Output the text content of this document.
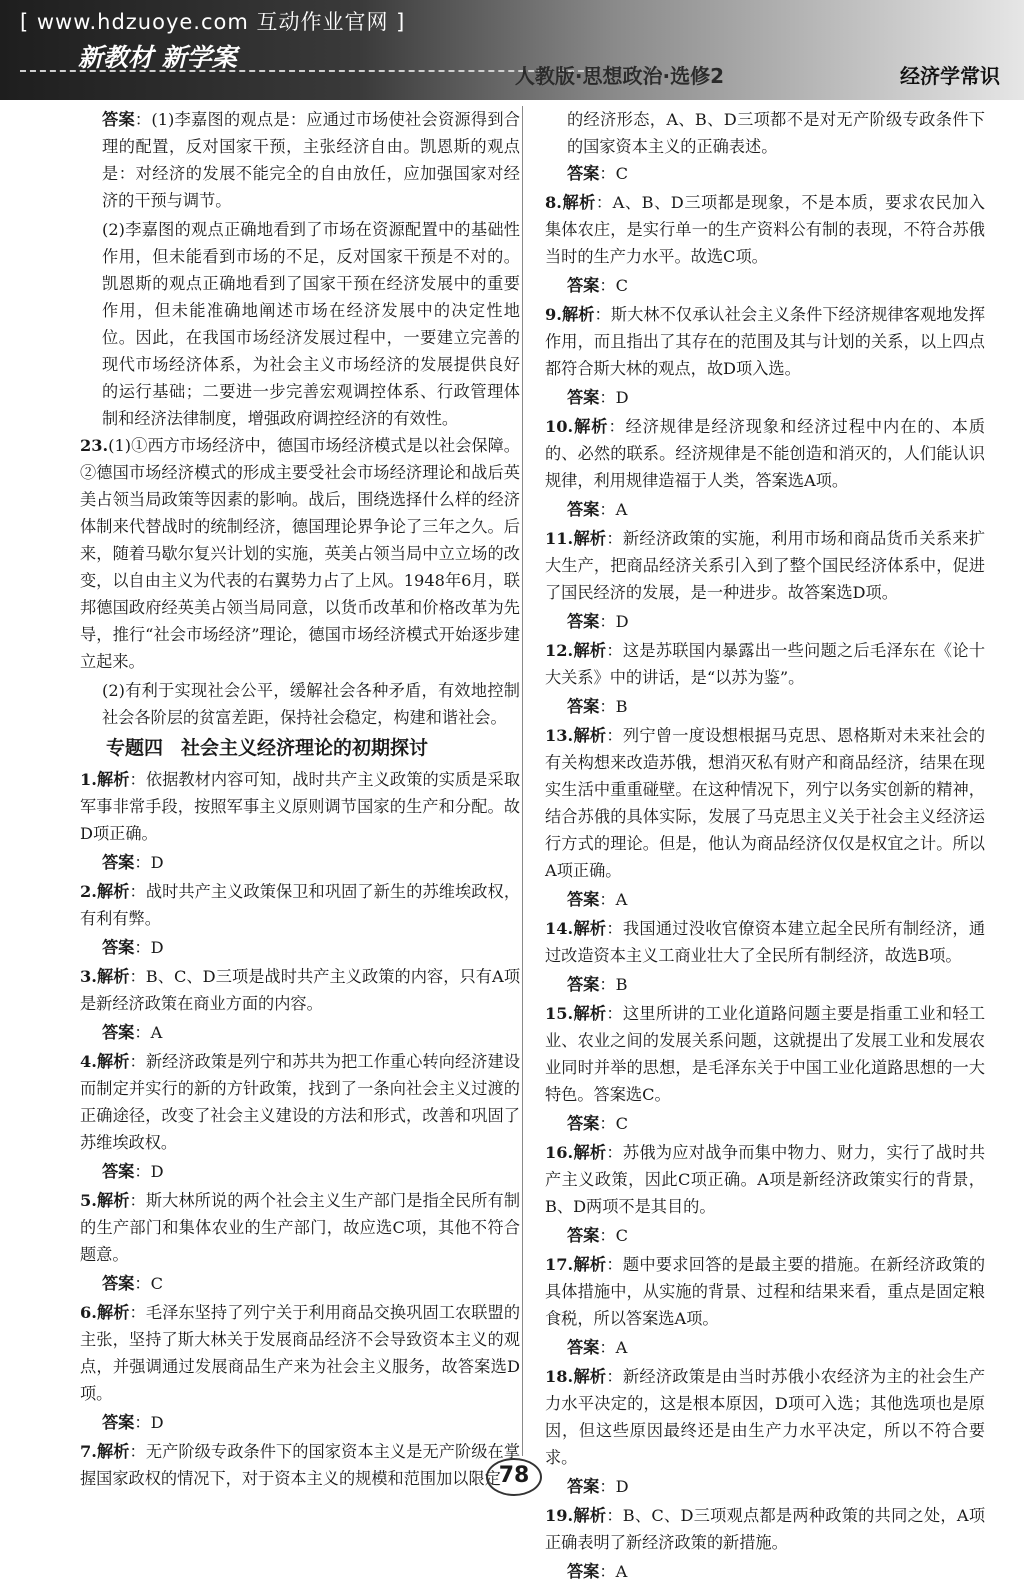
[ www.hdzuoye.com 互动作业官网 ]
新教材 新学案
人教版·思想政治·选修2	经济学常识
答案：(1)李嘉图的观点是：应通过市场使社会资源得到合理的配置，反对国家干预，主张经济自由。凯恩斯的观点是：对经济的发展不能完全的自由放任，应加强国家对经济的干预与调节。
(2)李嘉图的观点正确地看到了市场在资源配置中的基础性作用，但未能看到市场的不足，反对国家干预是不对的。凯恩斯的观点正确地看到了国家干预在经济发展中的重要作用，但未能准确地阐述市场在经济发展中的决定性地位。因此，在我国市场经济发展过程中，一要建立完善的现代市场经济体系，为社会主义市场经济的发展提供良好的运行基础；二要进一步完善宏观调控体系、行政管理体制和经济法律制度，增强政府调控经济的有效性。
23.(1)①西方市场经济中，德国市场经济模式是以社会保障。②德国市场经济模式的形成主要受社会市场经济理论和战后英美占领当局政策等因素的影响。战后，围绕选择什么样的经济体制来代替战时的统制经济，德国理论界争论了三年之久。后来，随着马歇尔复兴计划的实施，英美占领当局中立立场的改变，以自由主义为代表的右翼势力占了上风。1948年6月，联邦德国政府经英美占领当局同意，以货币改革和价格改革为先导，推行“社会市场经济”理论，德国市场经济模式开始逐步建立起来。
(2)有利于实现社会公平，缓解社会各种矛盾，有效地控制社会各阶层的贫富差距，保持社会稳定，构建和谐社会。
专题四 社会主义经济理论的初期探讨
1.解析：依据教材内容可知，战时共产主义政策的实质是采取军事非常手段，按照军事主义原则调节国家的生产和分配。故D项正确。
答案：D
2.解析：战时共产主义政策保卫和巩固了新生的苏维埃政权，有利有弊。
答案：D
3.解析：B、C、D三项是战时共产主义政策的内容，只有A项是新经济政策在商业方面的内容。
答案：A
4.解析：新经济政策是列宁和苏共为把工作重心转向经济建设而制定并实行的新的方针政策，找到了一条向社会主义过渡的正确途径，改变了社会主义建设的方法和形式，改善和巩固了苏维埃政权。
答案：D
5.解析：斯大林所说的两个社会主义生产部门是指全民所有制的生产部门和集体农业的生产部门，故应选C项，其他不符合题意。
答案：C
6.解析：毛泽东坚持了列宁关于利用商品交换巩固工农联盟的主张，坚持了斯大林关于发展商品经济不会导致资本主义的观点，并强调通过发展商品生产来为社会主义服务，故答案选D项。
答案：D
7.解析：无产阶级专政条件下的国家资本主义是无产阶级在掌握国家政权的情况下，对于资本主义的规模和范围加以限定
的经济形态，A、B、D三项都不是对无产阶级专政条件下的国家资本主义的正确表述。
答案：C
8.解析：A、B、D三项都是现象，不是本质，要求农民加入集体农庄，是实行单一的生产资料公有制的表现，不符合苏俄当时的生产力水平。故选C项。
答案：C
9.解析：斯大林不仅承认社会主义条件下经济规律客观地发挥作用，而且指出了其存在的范围及其与计划的关系，以上四点都符合斯大林的观点，故D项入选。
答案：D
10.解析：经济规律是经济现象和经济过程中内在的、本质的、必然的联系。经济规律是不能创造和消灭的，人们能认识规律，利用规律造福于人类，答案选A项。
答案：A
11.解析：新经济政策的实施，利用市场和商品货币关系来扩大生产，把商品经济关系引入到了整个国民经济体系中，促进了国民经济的发展，是一种进步。故答案选D项。
答案：D
12.解析：这是苏联国内暴露出一些问题之后毛泽东在《论十大关系》中的讲话，是“以苏为鉴”。
答案：B
13.解析：列宁曾一度设想根据马克思、恩格斯对未来社会的有关构想来改造苏俄，想消灭私有财产和商品经济，结果在现实生活中重重碰壁。在这种情况下，列宁以务实创新的精神，结合苏俄的具体实际，发展了马克思主义关于社会主义经济运行方式的理论。但是，他认为商品经济仅仅是权宜之计。所以A项正确。
答案：A
14.解析：我国通过没收官僚资本建立起全民所有制经济，通过改造资本主义工商业壮大了全民所有制经济，故选B项。
答案：B
15.解析：这里所讲的工业化道路问题主要是指重工业和轻工业、农业之间的发展关系问题，这就提出了发展工业和发展农业同时并举的思想，是毛泽东关于中国工业化道路思想的一大特色。答案选C。
答案：C
16.解析：苏俄为应对战争而集中物力、财力，实行了战时共产主义政策，因此C项正确。A项是新经济政策实行的背景，B、D两项不是其目的。
答案：C
17.解析：题中要求回答的是最主要的措施。在新经济政策的具体措施中，从实施的背景、过程和结果来看，重点是固定粮食税，所以答案选A项。
答案：A
18.解析：新经济政策是由当时苏俄小农经济为主的社会生产力水平决定的，这是根本原因，D项可入选；其他选项也是原因，但这些原因最终还是由生产力水平决定，所以不符合要求。
答案：D
19.解析：B、C、D三项观点都是两种政策的共同之处，A项正确表明了新经济政策的新措施。
答案：A
78
